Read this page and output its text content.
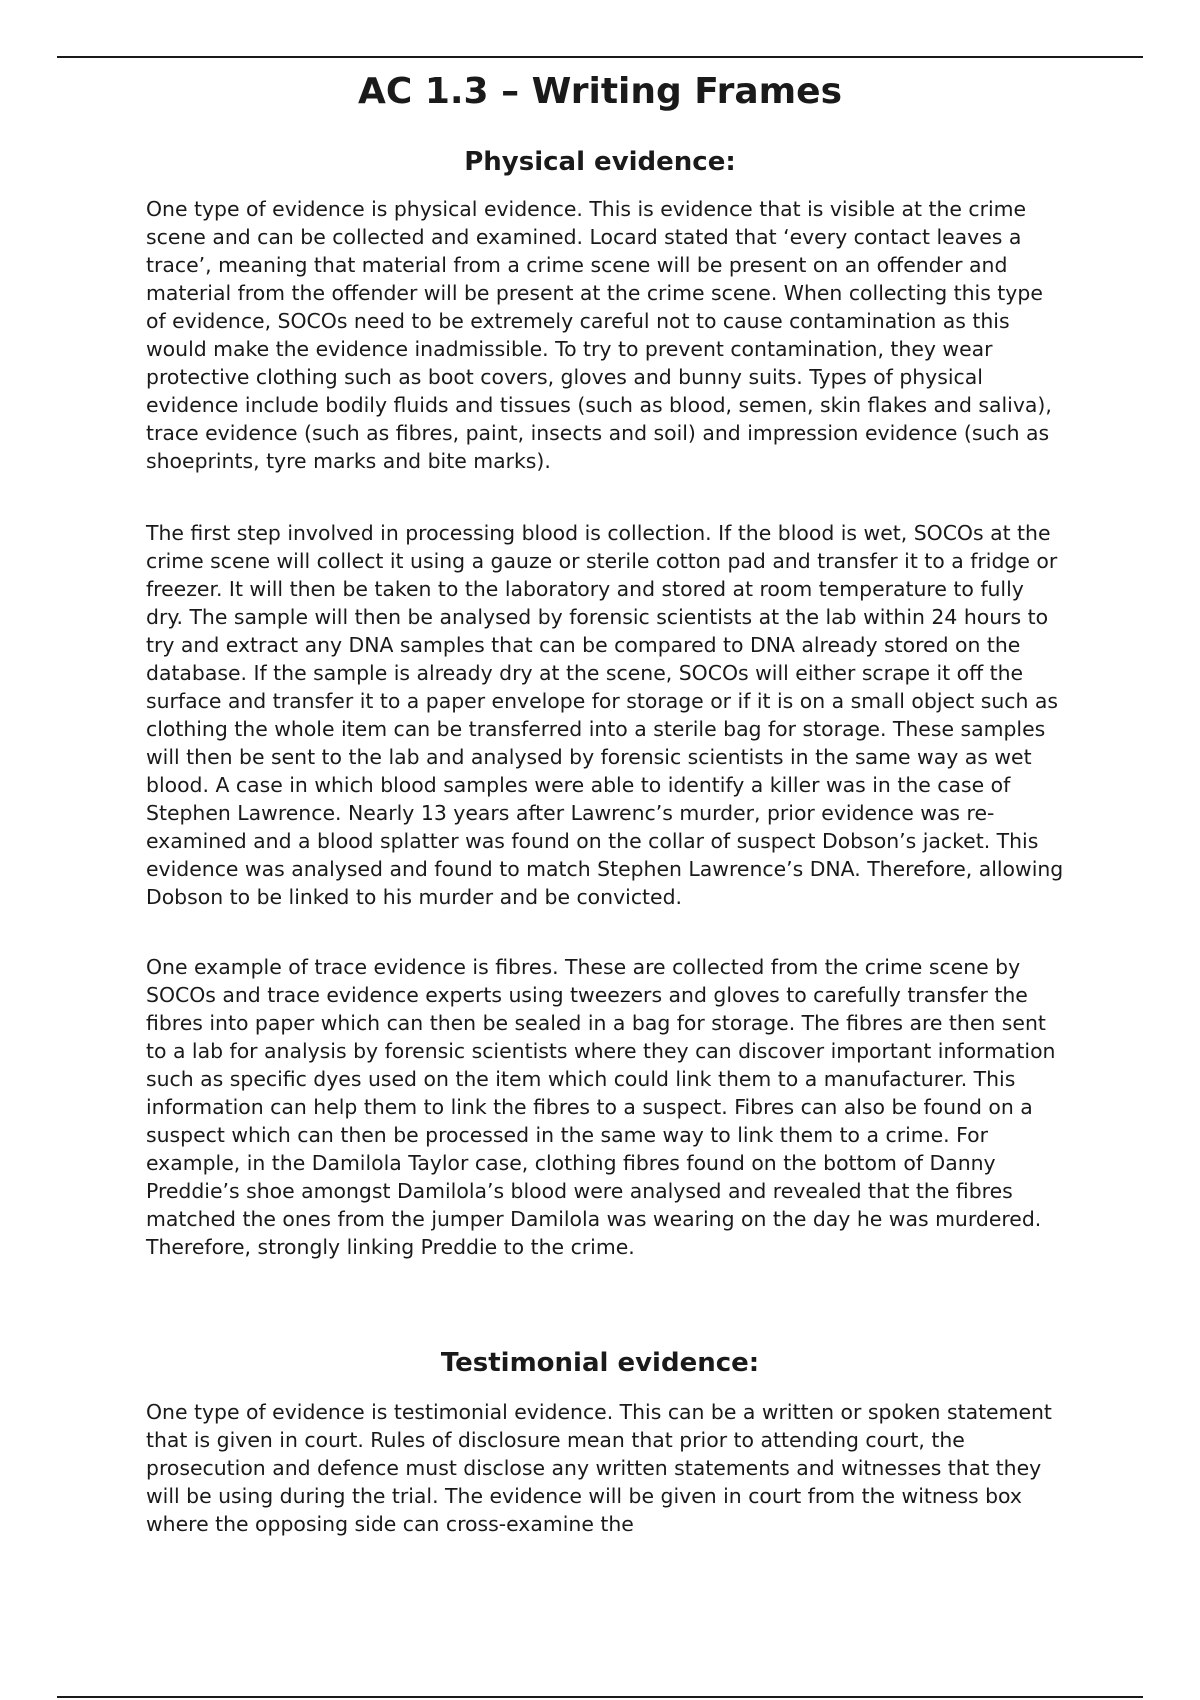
AC 1.3 – Writing Frames
Physical evidence:

One type of evidence is physical evidence. This is evidence that is visible at the crime scene and can be collected and examined. Locard stated that ‘every contact leaves a trace’, meaning that material from a crime scene will be present on an offender and material from the offender will be present at the crime scene. When collecting this type of evidence, SOCOs need to be extremely careful not to cause contamination as this would make the evidence inadmissible. To try to prevent contamination, they wear protective clothing such as boot covers, gloves and bunny suits. Types of physical evidence include bodily fluids and tissues (such as blood, semen, skin flakes and saliva), trace evidence (such as fibres, paint, insects and soil) and impression evidence (such as shoeprints, tyre marks and bite marks).

The first step involved in processing blood is collection. If the blood is wet, SOCOs at the crime scene will collect it using a gauze or sterile cotton pad and transfer it to a fridge or freezer. It will then be taken to the laboratory and stored at room temperature to fully dry. The sample will then be analysed by forensic scientists at the lab within 24 hours to try and extract any DNA samples that can be compared to DNA already stored on the database. If the sample is already dry at the scene, SOCOs will either scrape it off the surface and transfer it to a paper envelope for storage or if it is on a small object such as clothing the whole item can be transferred into a sterile bag for storage. These samples will then be sent to the lab and analysed by forensic scientists in the same way as wet blood. A case in which blood samples were able to identify a killer was in the case of Stephen Lawrence. Nearly 13 years after Lawrenc’s murder, prior evidence was re-examined and a blood splatter was found on the collar of suspect Dobson’s jacket. This evidence was analysed and found to match Stephen Lawrence’s DNA. Therefore, allowing Dobson to be linked to his murder and be convicted.

One example of trace evidence is fibres. These are collected from the crime scene by SOCOs and trace evidence experts using tweezers and gloves to carefully transfer the fibres into paper which can then be sealed in a bag for storage. The fibres are then sent to a lab for analysis by forensic scientists where they can discover important information such as specific dyes used on the item which could link them to a manufacturer. This information can help them to link the fibres to a suspect. Fibres can also be found on a suspect which can then be processed in the same way to link them to a crime. For example, in the Damilola Taylor case, clothing fibres found on the bottom of Danny Preddie’s shoe amongst Damilola’s blood were analysed and revealed that the fibres matched the ones from the jumper Damilola was wearing on the day he was murdered. Therefore, strongly linking Preddie to the crime.

Testimonial evidence:

One type of evidence is testimonial evidence. This can be a written or spoken statement that is given in court. Rules of disclosure mean that prior to attending court, the prosecution and defence must disclose any written statements and witnesses that they will be using during the trial. The evidence will be given in court from the witness box where the opposing side can cross-examine the
